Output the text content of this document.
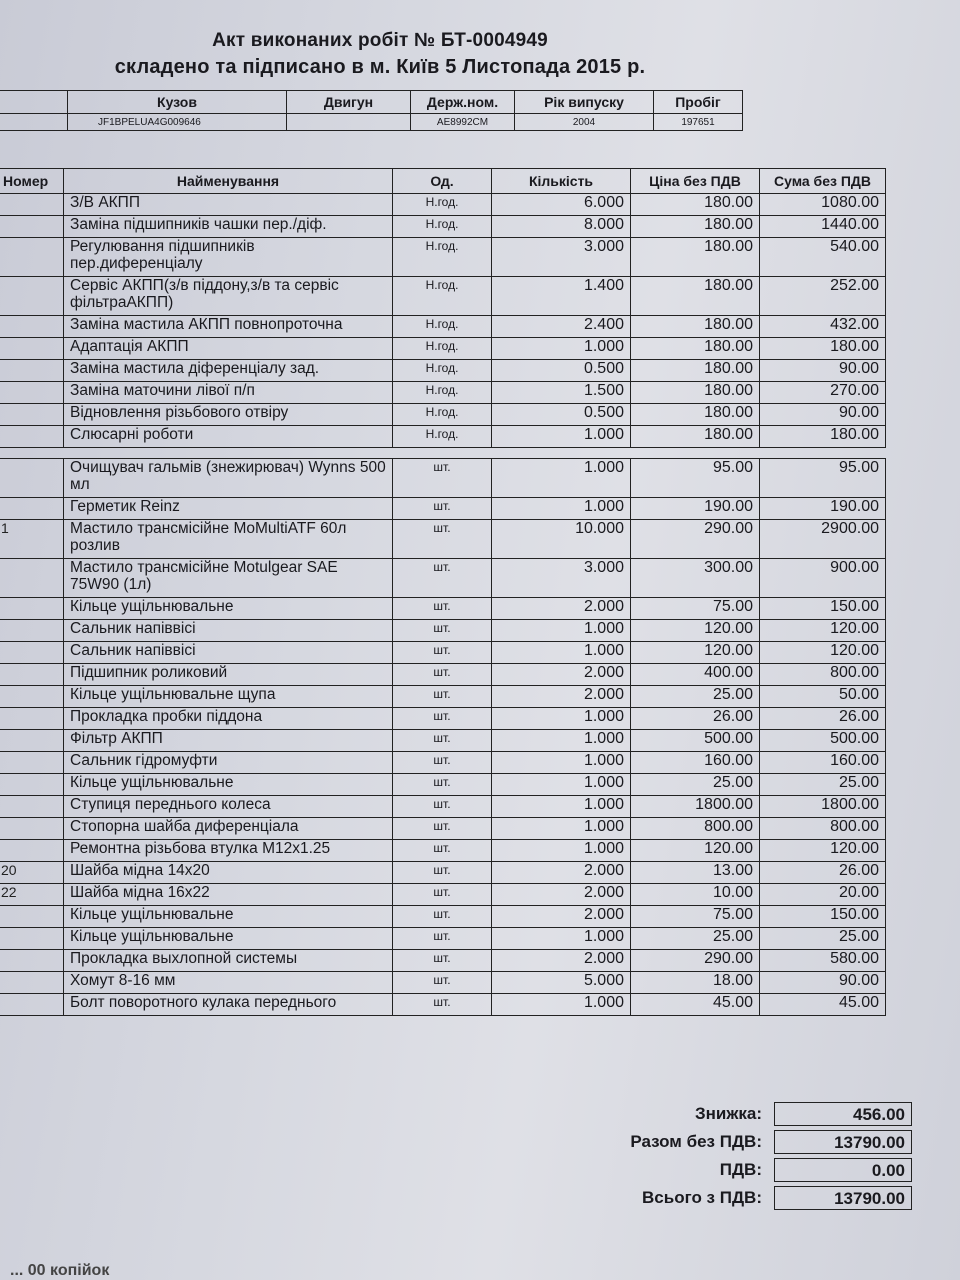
Акт виконаних робіт № БТ-0004949
складено та підписано в м. Київ 5 Листопада 2015 р.
	Кузов	Двигун	Держ.ном.	Рік випуску	Пробіг
	JF1BPELUA4G009646		AE8992CM	2004	197651
Номер	Найменування	Од.	Кількість	Ціна без ПДВ	Сума без ПДВ
	З/В АКПП	Н.год.	6.000	180.00	1080.00
	Заміна підшипників чашки пер./діф.	Н.год.	8.000	180.00	1440.00
	Регулювання підшипників пер.диференціалу	Н.год.	3.000	180.00	540.00
	Сервіс АКПП(з/в піддону,з/в та сервіс фільтраАКПП)	Н.год.	1.400	180.00	252.00
	Заміна мастила АКПП повнопроточна	Н.год.	2.400	180.00	432.00
	Адаптація АКПП	Н.год.	1.000	180.00	180.00
	Заміна мастила діференціалу зад.	Н.год.	0.500	180.00	90.00
	Заміна маточини лівої п/п	Н.год.	1.500	180.00	270.00
	Відновлення різьбового отвіру	Н.год.	0.500	180.00	90.00
	Слюсарні роботи	Н.год.	1.000	180.00	180.00

	Очищувач гальмів (знежирювач) Wynns 500 мл	шт.	1.000	95.00	95.00
	Герметик Reinz	шт.	1.000	190.00	190.00
1	Мастило трансмісійне MoMultiATF 60л розлив	шт.	10.000	290.00	2900.00
	Мастило трансмісійне Motulgear SAE 75W90 (1л)	шт.	3.000	300.00	900.00
	Кільце ущільнювальне	шт.	2.000	75.00	150.00
	Сальник напіввісі	шт.	1.000	120.00	120.00
	Сальник напіввісі	шт.	1.000	120.00	120.00
	Підшипник роликовий	шт.	2.000	400.00	800.00
	Кільце ущільнювальне щупа	шт.	2.000	25.00	50.00
	Прокладка пробки піддона	шт.	1.000	26.00	26.00
	Фільтр АКПП	шт.	1.000	500.00	500.00
	Сальник гідромуфти	шт.	1.000	160.00	160.00
	Кільце ущільнювальне	шт.	1.000	25.00	25.00
	Ступиця переднього колеса	шт.	1.000	1800.00	1800.00
	Стопорна шайба диференціала	шт.	1.000	800.00	800.00
	Ремонтна різьбова втулка М12х1.25	шт.	1.000	120.00	120.00
20	Шайба мідна 14х20	шт.	2.000	13.00	26.00
22	Шайба мідна 16х22	шт.	2.000	10.00	20.00
	Кільце ущільнювальне	шт.	2.000	75.00	150.00
	Кільце ущільнювальне	шт.	1.000	25.00	25.00
	Прокладка выхлопной системы	шт.	2.000	290.00	580.00
	Хомут 8-16 мм	шт.	5.000	18.00	90.00
	Болт поворотного кулака переднього	шт.	1.000	45.00	45.00
Знижка:	456.00
Разом без ПДВ:	13790.00
ПДВ:	0.00
Всього з ПДВ:	13790.00
... 00 копійок
